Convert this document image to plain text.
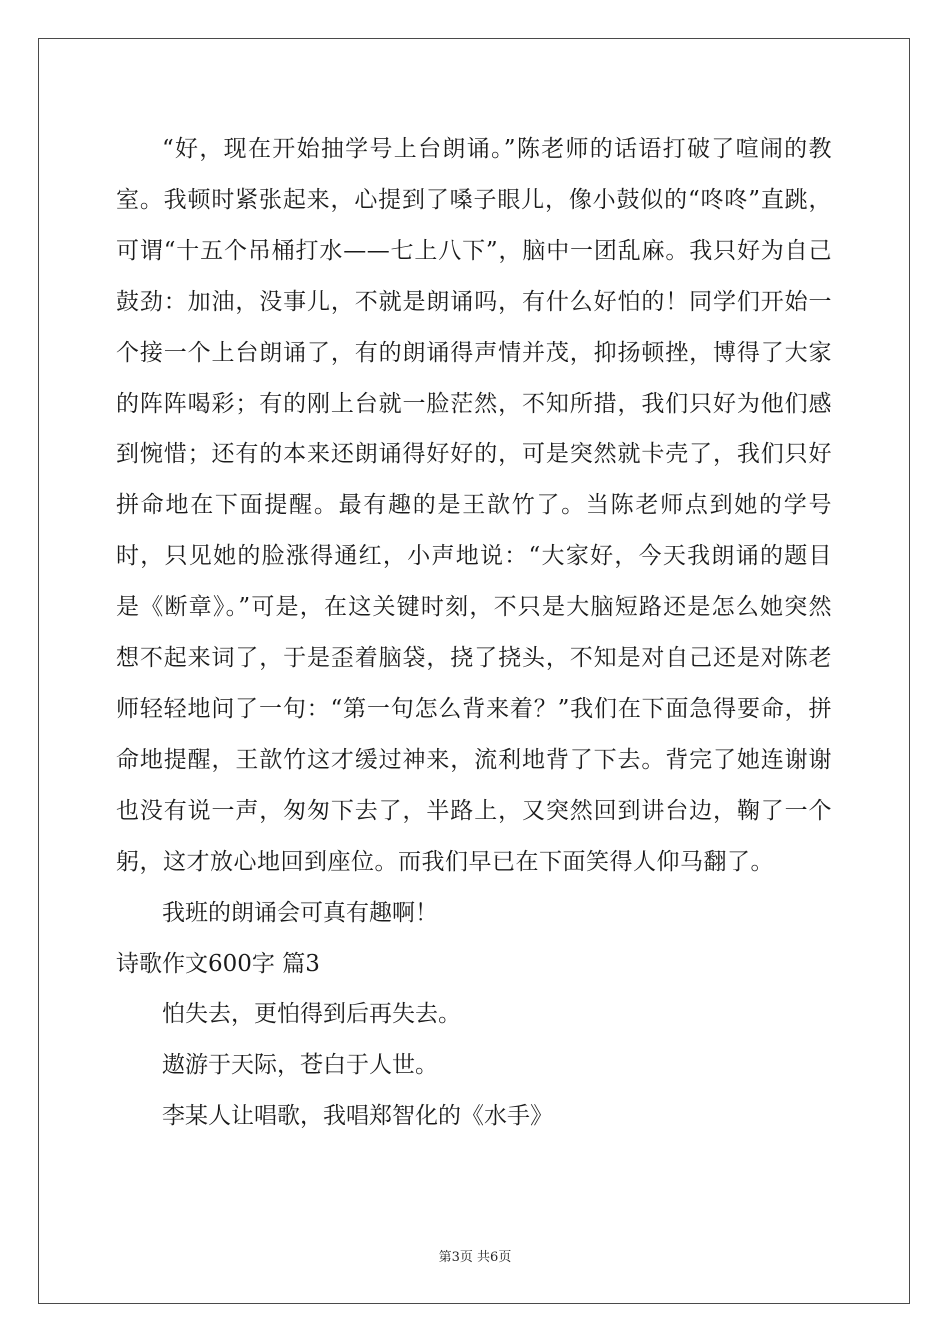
“好，现在开始抽学号上台朗诵。”陈老师的话语打破了喧闹的教室。我顿时紧张起来，心提到了嗓子眼儿，像小鼓似的“咚咚”直跳，可谓“十五个吊桶打水——七上八下”，脑中一团乱麻。我只好为自己鼓劲：加油，没事儿，不就是朗诵吗，有什么好怕的！同学们开始一个接一个上台朗诵了，有的朗诵得声情并茂，抑扬顿挫，博得了大家的阵阵喝彩；有的刚上台就一脸茫然，不知所措，我们只好为他们感到惋惜；还有的本来还朗诵得好好的，可是突然就卡壳了，我们只好拼命地在下面提醒。最有趣的是王歆竹了。当陈老师点到她的学号时，只见她的脸涨得通红，小声地说：“大家好，今天我朗诵的题目是《断章》。”可是，在这关键时刻，不只是大脑短路还是怎么她突然想不起来词了，于是歪着脑袋，挠了挠头，不知是对自己还是对陈老师轻轻地问了一句：“第一句怎么背来着？”我们在下面急得要命，拼命地提醒，王歆竹这才缓过神来，流利地背了下去。背完了她连谢谢也没有说一声，匆匆下去了，半路上，又突然回到讲台边，鞠了一个躬，这才放心地回到座位。而我们早已在下面笑得人仰马翻了。

我班的朗诵会可真有趣啊！

诗歌作文600字 篇3

怕失去，更怕得到后再失去。

遨游于天际，苍白于人世。

李某人让唱歌，我唱郑智化的《水手》

第3页 共6页
